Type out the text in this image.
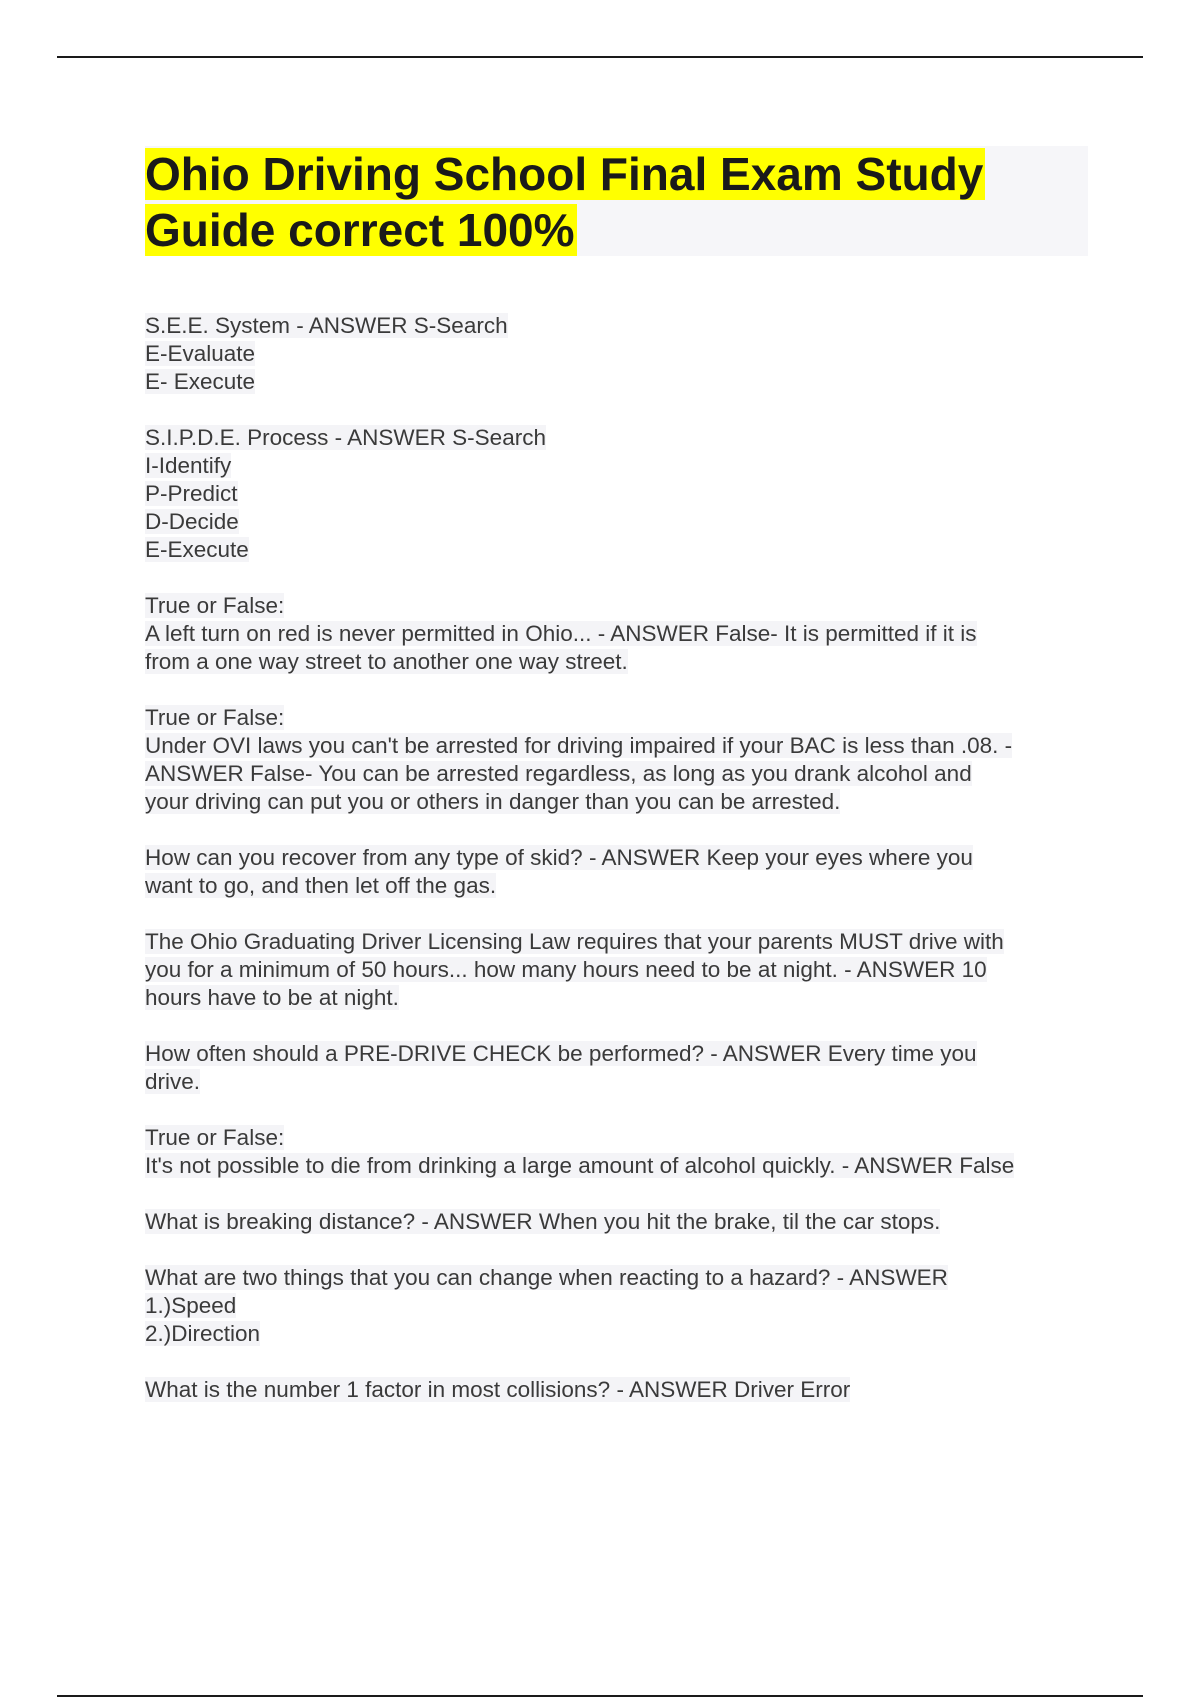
Ohio Driving School Final Exam Study
Guide correct 100%

S.E.E. System - ANSWER S-Search
E-Evaluate
E- Execute

S.I.P.D.E. Process - ANSWER S-Search
I-Identify
P-Predict
D-Decide
E-Execute

True or False:
A left turn on red is never permitted in Ohio... - ANSWER False- It is permitted if it is
from a one way street to another one way street.

True or False:
Under OVI laws you can't be arrested for driving impaired if your BAC is less than .08. -
ANSWER False- You can be arrested regardless, as long as you drank alcohol and
your driving can put you or others in danger than you can be arrested.

How can you recover from any type of skid? - ANSWER Keep your eyes where you
want to go, and then let off the gas.

The Ohio Graduating Driver Licensing Law requires that your parents MUST drive with
you for a minimum of 50 hours... how many hours need to be at night. - ANSWER 10
hours have to be at night.

How often should a PRE-DRIVE CHECK be performed? - ANSWER Every time you
drive.

True or False:
It's not possible to die from drinking a large amount of alcohol quickly. - ANSWER False

What is breaking distance? - ANSWER When you hit the brake, til the car stops.

What are two things that you can change when reacting to a hazard? - ANSWER
1.)Speed
2.)Direction

What is the number 1 factor in most collisions? - ANSWER Driver Error
